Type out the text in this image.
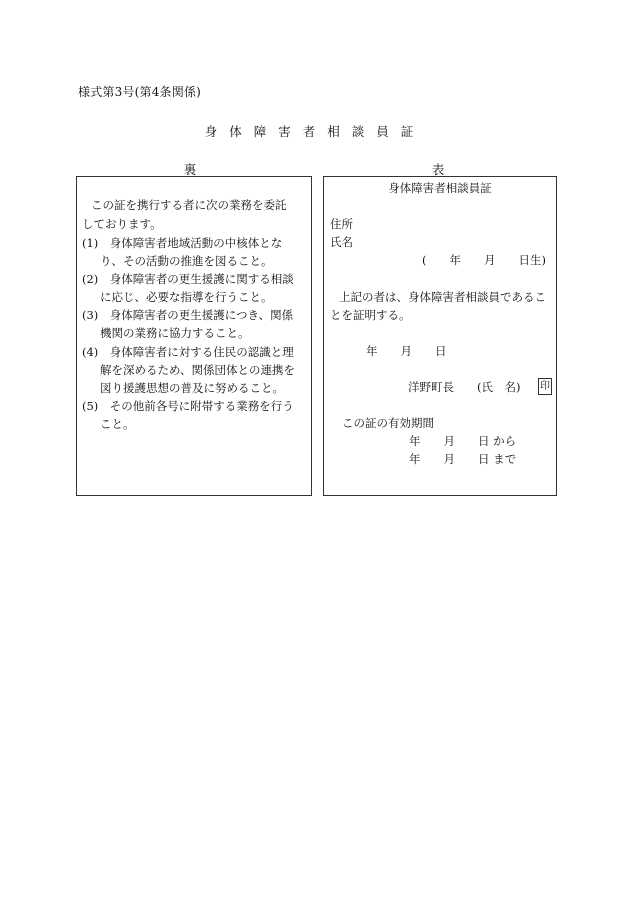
様式第3号(第4条関係)
身体障害者相談員証
裏	表
この証を携行する者に次の業務を委託
しております。
(1)　身体障害者地域活動の中核体とな
り、その活動の推進を図ること。
(2)　身体障害者の更生援護に関する相談
に応じ、必要な指導を行うこと。
(3)　身体障害者の更生援護につき、関係
機関の業務に協力すること。
(4)　身体障害者に対する住民の認識と理
解を深めるため、関係団体との連携を
図り援護思想の普及に努めること。
(5)　その他前各号に附帯する業務を行う
こと。
身体障害者相談員証
住所
氏名
(　　年　　月　　日生)
上記の者は、身体障害者相談員であるこ
とを証明する。
年　　月　　日
洋野町長　　(氏　名) 印
この証の有効期間
年　　月　　日 から
年　　月　　日 まで
